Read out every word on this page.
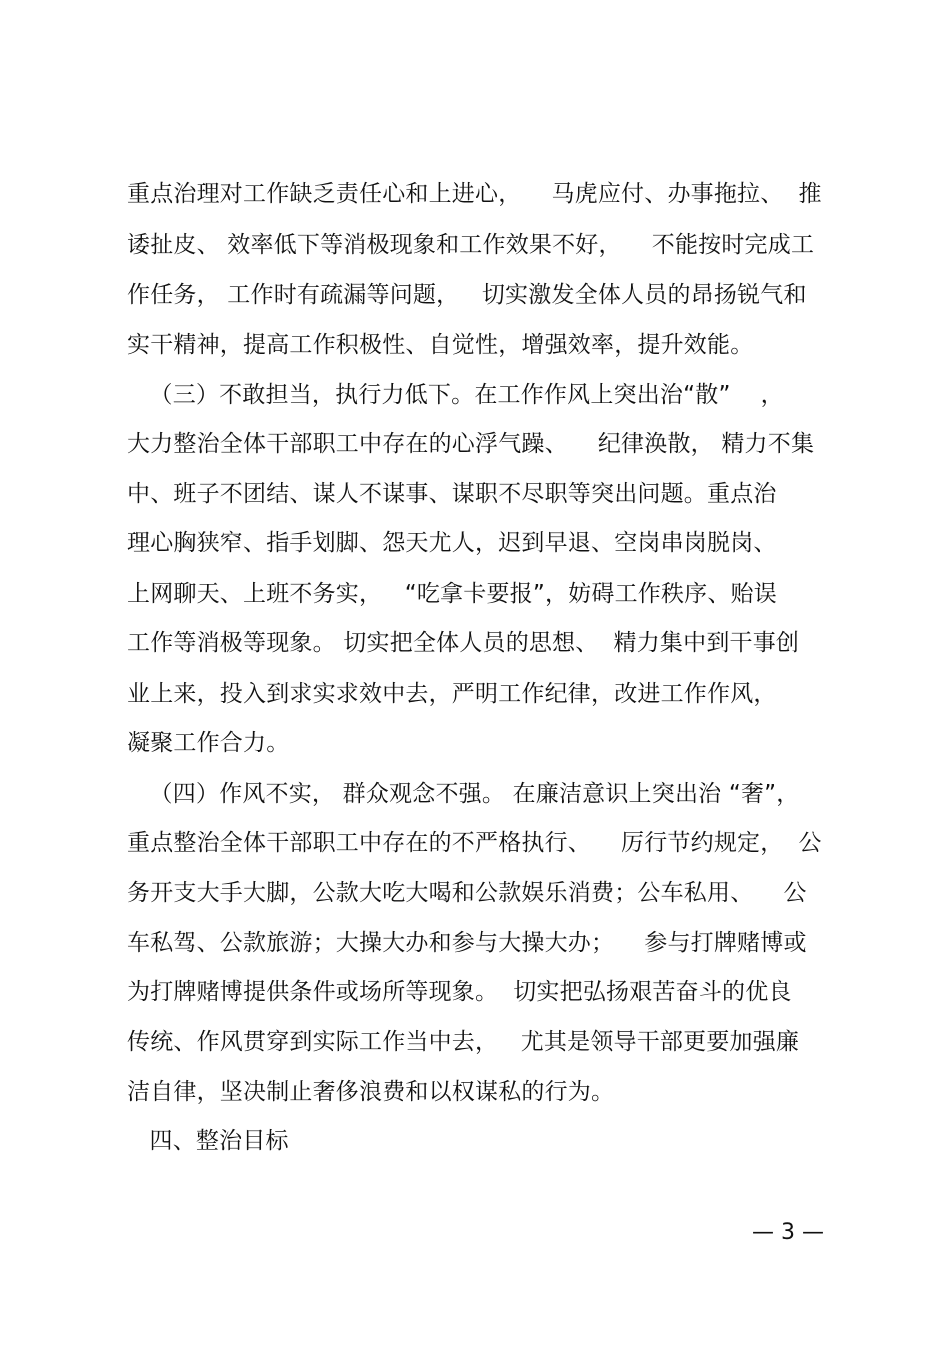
重点治理对工作缺乏责任心和上进心，    马虎应付、办事拖拉、  推
诿扯皮、 效率低下等消极现象和工作效果不好，    不能按时完成工
作任务， 工作时有疏漏等问题，   切实激发全体人员的昂扬锐气和
实干精神，提高工作积极性、自觉性，增强效率，提升效能。
（三）不敢担当，执行力低下。在工作作风上突出治“散”    ，
大力整治全体干部职工中存在的心浮气躁、    纪律涣散， 精力不集
中、班子不团结、谋人不谋事、谋职不尽职等突出问题。重点治
理心胸狭窄、指手划脚、怨天尤人，迟到早退、空岗串岗脱岗、
上网聊天、上班不务实，   “吃拿卡要报”，妨碍工作秩序、贻误
工作等消极等现象。 切实把全体人员的思想、  精力集中到干事创
业上来，投入到求实求效中去，严明工作纪律，改进工作作风，
凝聚工作合力。
（四）作风不实， 群众观念不强。 在廉洁意识上突出治 “奢”，
重点整治全体干部职工中存在的不严格执行、    厉行节约规定，  公
务开支大手大脚，公款大吃大喝和公款娱乐消费；公车私用、    公
车私驾、公款旅游；大操大办和参与大操大办；    参与打牌赌博或
为打牌赌博提供条件或场所等现象。  切实把弘扬艰苦奋斗的优良
传统、作风贯穿到实际工作当中去，   尤其是领导干部更要加强廉
洁自律，坚决制止奢侈浪费和以权谋私的行为。
四、整治目标
— 3 —
